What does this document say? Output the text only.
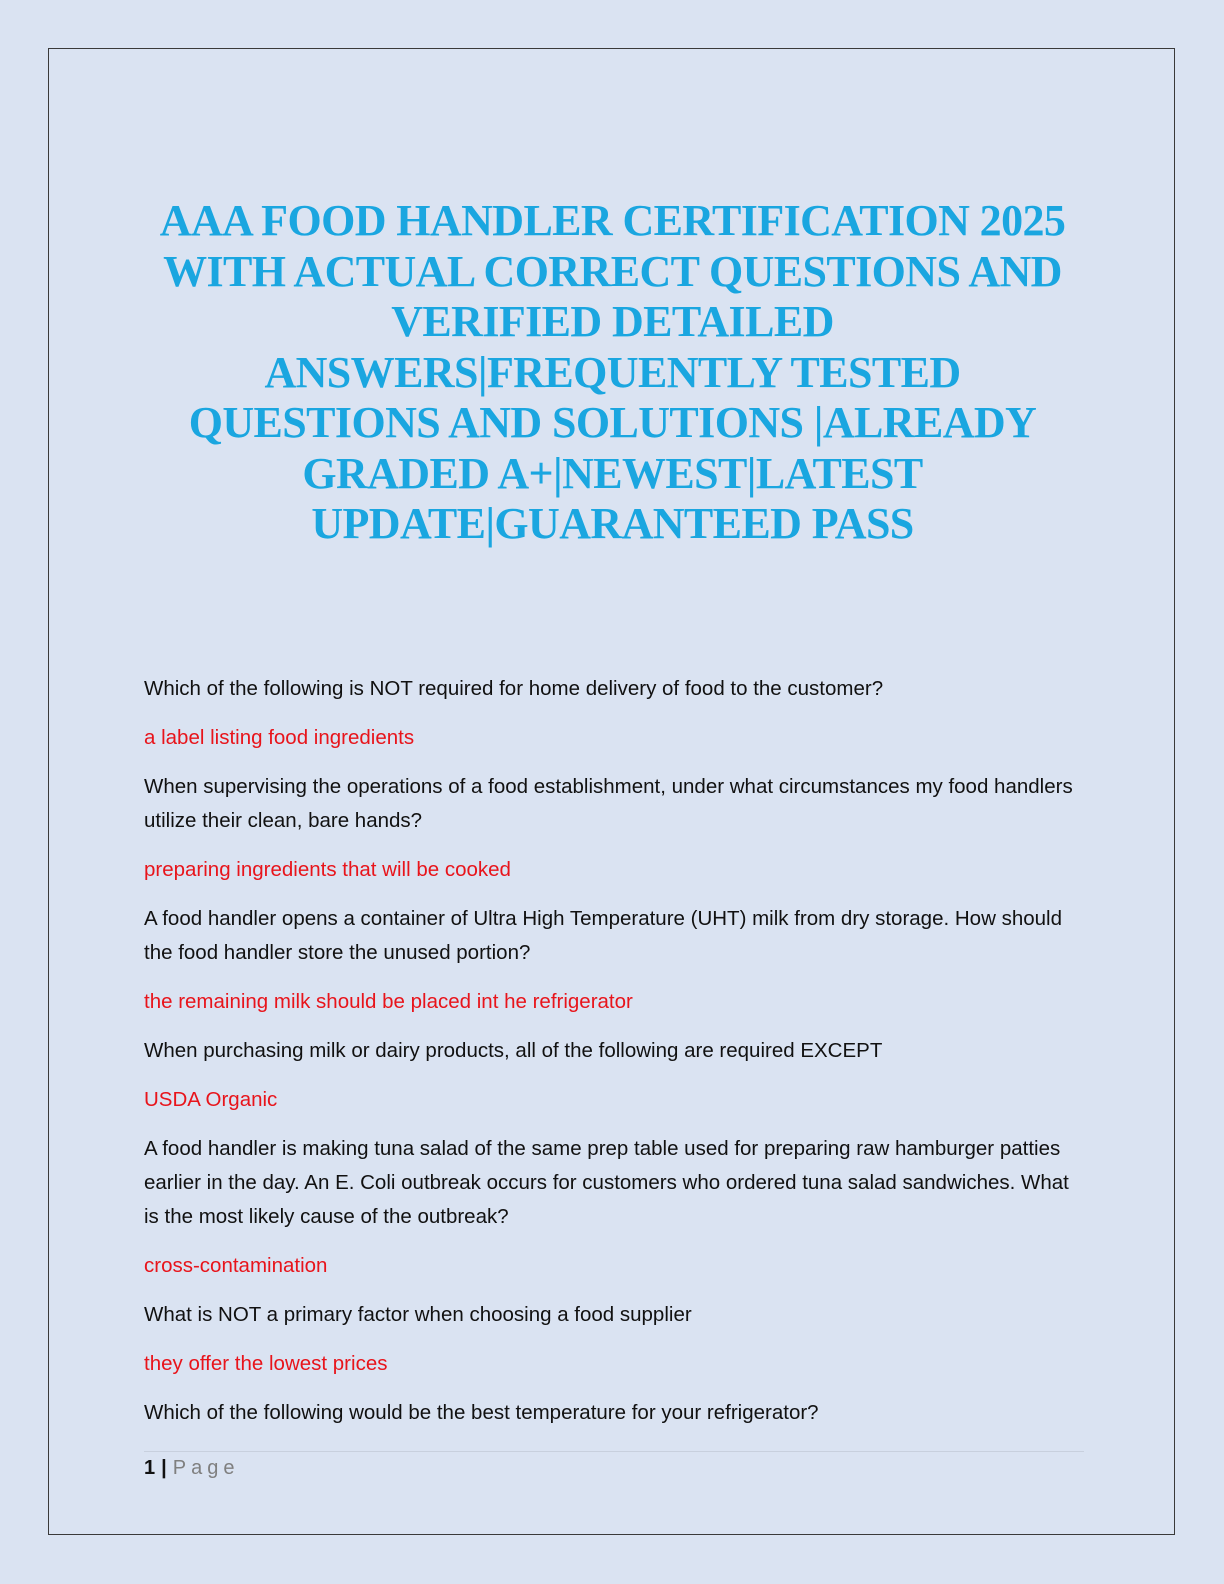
AAA FOOD HANDLER CERTIFICATION 2025 WITH ACTUAL CORRECT QUESTIONS AND VERIFIED DETAILED ANSWERS|FREQUENTLY TESTED QUESTIONS AND SOLUTIONS |ALREADY GRADED A+|NEWEST|LATEST UPDATE|GUARANTEED PASS

Which of the following is NOT required for home delivery of food to the customer?

a label listing food ingredients

When supervising the operations of a food establishment, under what circumstances my food handlers utilize their clean, bare hands?

preparing ingredients that will be cooked

A food handler opens a container of Ultra High Temperature (UHT) milk from dry storage. How should the food handler store the unused portion?

the remaining milk should be placed int he refrigerator

When purchasing milk or dairy products, all of the following are required EXCEPT

USDA Organic

A food handler is making tuna salad of the same prep table used for preparing raw hamburger patties earlier in the day. An E. Coli outbreak occurs for customers who ordered tuna salad sandwiches. What is the most likely cause of the outbreak?

cross-contamination

What is NOT a primary factor when choosing a food supplier

they offer the lowest prices

Which of the following would be the best temperature for your refrigerator?

1 | Page
